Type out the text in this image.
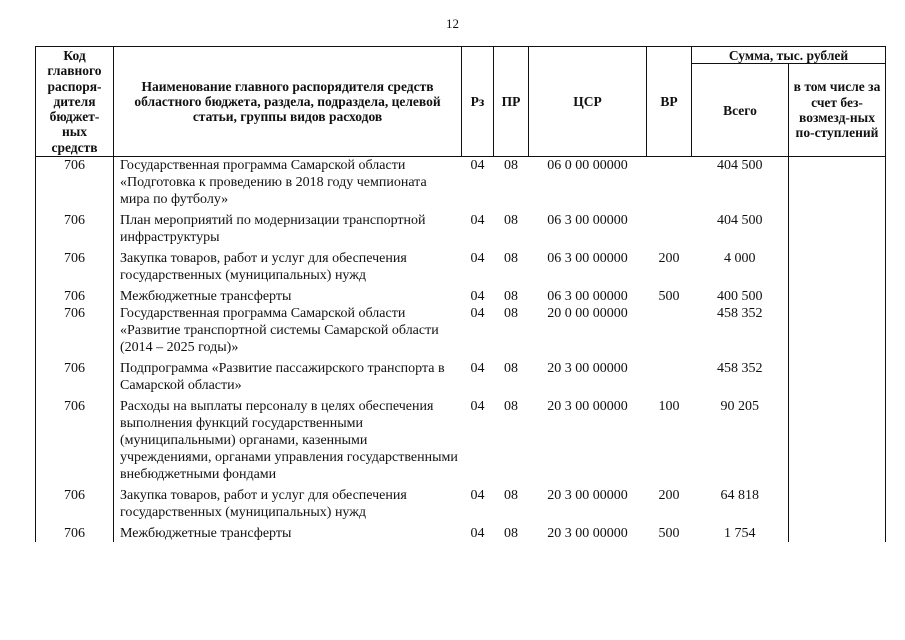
12
Код главного распоря-дителя бюджет-ных средств	Наименование главного распорядителя средств областного бюджета, раздела, подраздела, целевой статьи, группы видов расходов	Рз	ПР	ЦСР	ВР	Сумма, тыс. рублей	
						Всего	в том числе за счет без-возмезд-ных по-ступлений
706	Государственная программа Самарской области «Подготовка к проведению в 2018 году чемпионата мира по футболу»	04	08	06 0 00 00000		404 500	
706	План мероприятий по модернизации транспортной инфраструктуры	04	08	06 3 00 00000		404 500	
706	Закупка товаров, работ и услуг для обеспечения государственных (муниципальных) нужд	04	08	06 3 00 00000	200	4 000	
706	Межбюджетные трансферты	04	08	06 3 00 00000	500	400 500	
706	Государственная программа Самарской области «Развитие транспортной системы Самарской области (2014 – 2025 годы)»	04	08	20 0 00 00000		458 352	
706	Подпрограмма «Развитие пассажирского транспорта в Самарской области»	04	08	20 3 00 00000		458 352	
706	Расходы на выплаты персоналу в целях обеспечения выполнения функций государственными (муниципальными) органами, казенными учреждениями, органами управления государственными внебюджетными фондами	04	08	20 3 00 00000	100	90 205	
706	Закупка товаров, работ и услуг для обеспечения государственных (муниципальных) нужд	04	08	20 3 00 00000	200	64 818	
706	Межбюджетные трансферты	04	08	20 3 00 00000	500	1 754	
